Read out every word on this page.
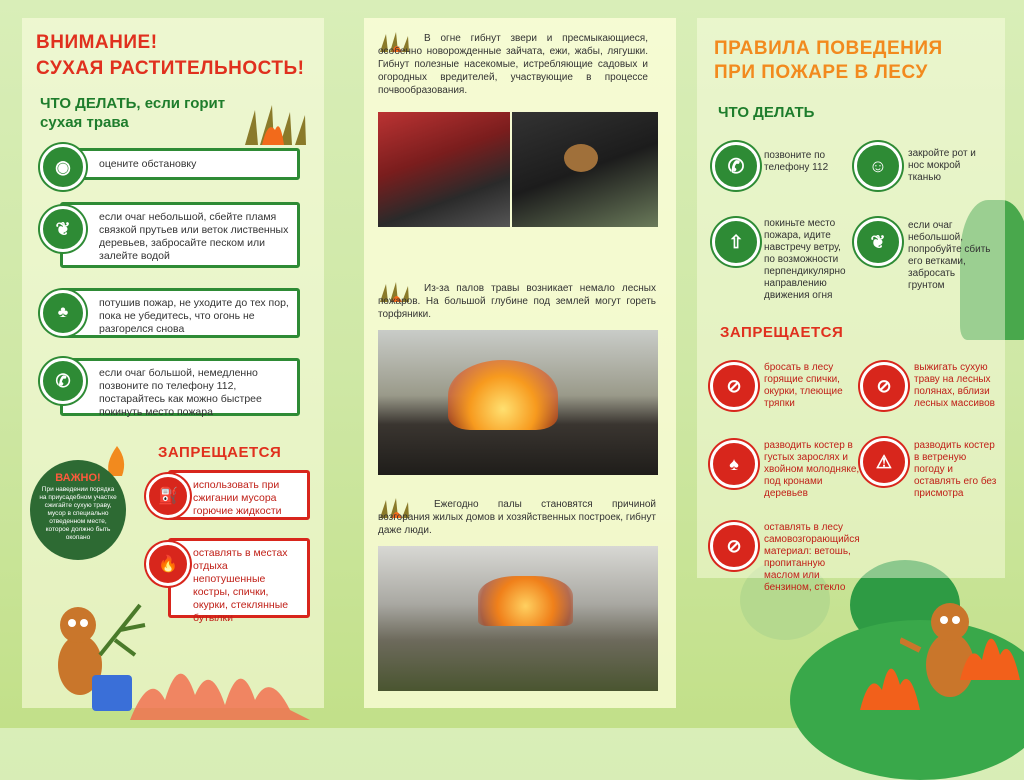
ВНИМАНИЕ!
СУХАЯ РАСТИТЕЛЬНОСТЬ!
ЧТО ДЕЛАТЬ, если горит
сухая трава
оцените обстановку
◉
если очаг небольшой, сбейте пламя связкой прутьев или веток лиственных деревьев, забросайте песком или залейте водой
❦
потушив пожар, не уходите до тех пор, пока не убедитесь, что огонь не разгорелся снова
♣
если очаг большой, немедленно позвоните по телефону 112, постарайтесь как можно быстрее покинуть место пожара
✆
ЗАПРЕЩАЕТСЯ
использовать при сжигании мусора горючие жидкости
⛽
оставлять в местах отдыха непотушенные костры, спички, окурки, стеклянные бутылки
🔥
ВАЖНО!
При наведении порядка на приусадебном участке сжигайте сухую траву, мусор в специально отведенном месте, которое должно быть окопано
В огне гибнут звери и пресмыкающиеся, особенно новорожденные зайчата, ежи, жабы, лягушки. Гибнут полезные насекомые, истребляющие садовых и огородных вредителей, участвующие в процессе почвообразования.
Из-за палов травы возникает немало лесных пожаров. На большой глубине под землей могут гореть торфяники.
Ежегодно палы становятся причиной возгорания жилых домов и хозяйственных построек, гибнут даже люди.
ПРАВИЛА ПОВЕДЕНИЯ
ПРИ ПОЖАРЕ В ЛЕСУ
ЧТО ДЕЛАТЬ
✆	позвоните по телефону 112	☺
закройте рот и нос мокрой тканью
⇧
покиньте место пожара, идите навстречу ветру, по возможности перпендикулярно направлению движения огня
❦
если очаг небольшой, попробуйте сбить его ветками, забросать грунтом
ЗАПРЕЩАЕТСЯ
⊘
бросать в лесу горящие спички, окурки, тлеющие тряпки
⊘
выжигать сухую траву на лесных полянах, вблизи лесных массивов
♠
разводить костер в густых зарослях и хвойном молодняке, под кронами деревьев
⚠
разводить костер в ветреную погоду и оставлять его без присмотра
⊘
оставлять в лесу самовозгорающийся материал: ветошь, пропитанную маслом или бензином, стекло
